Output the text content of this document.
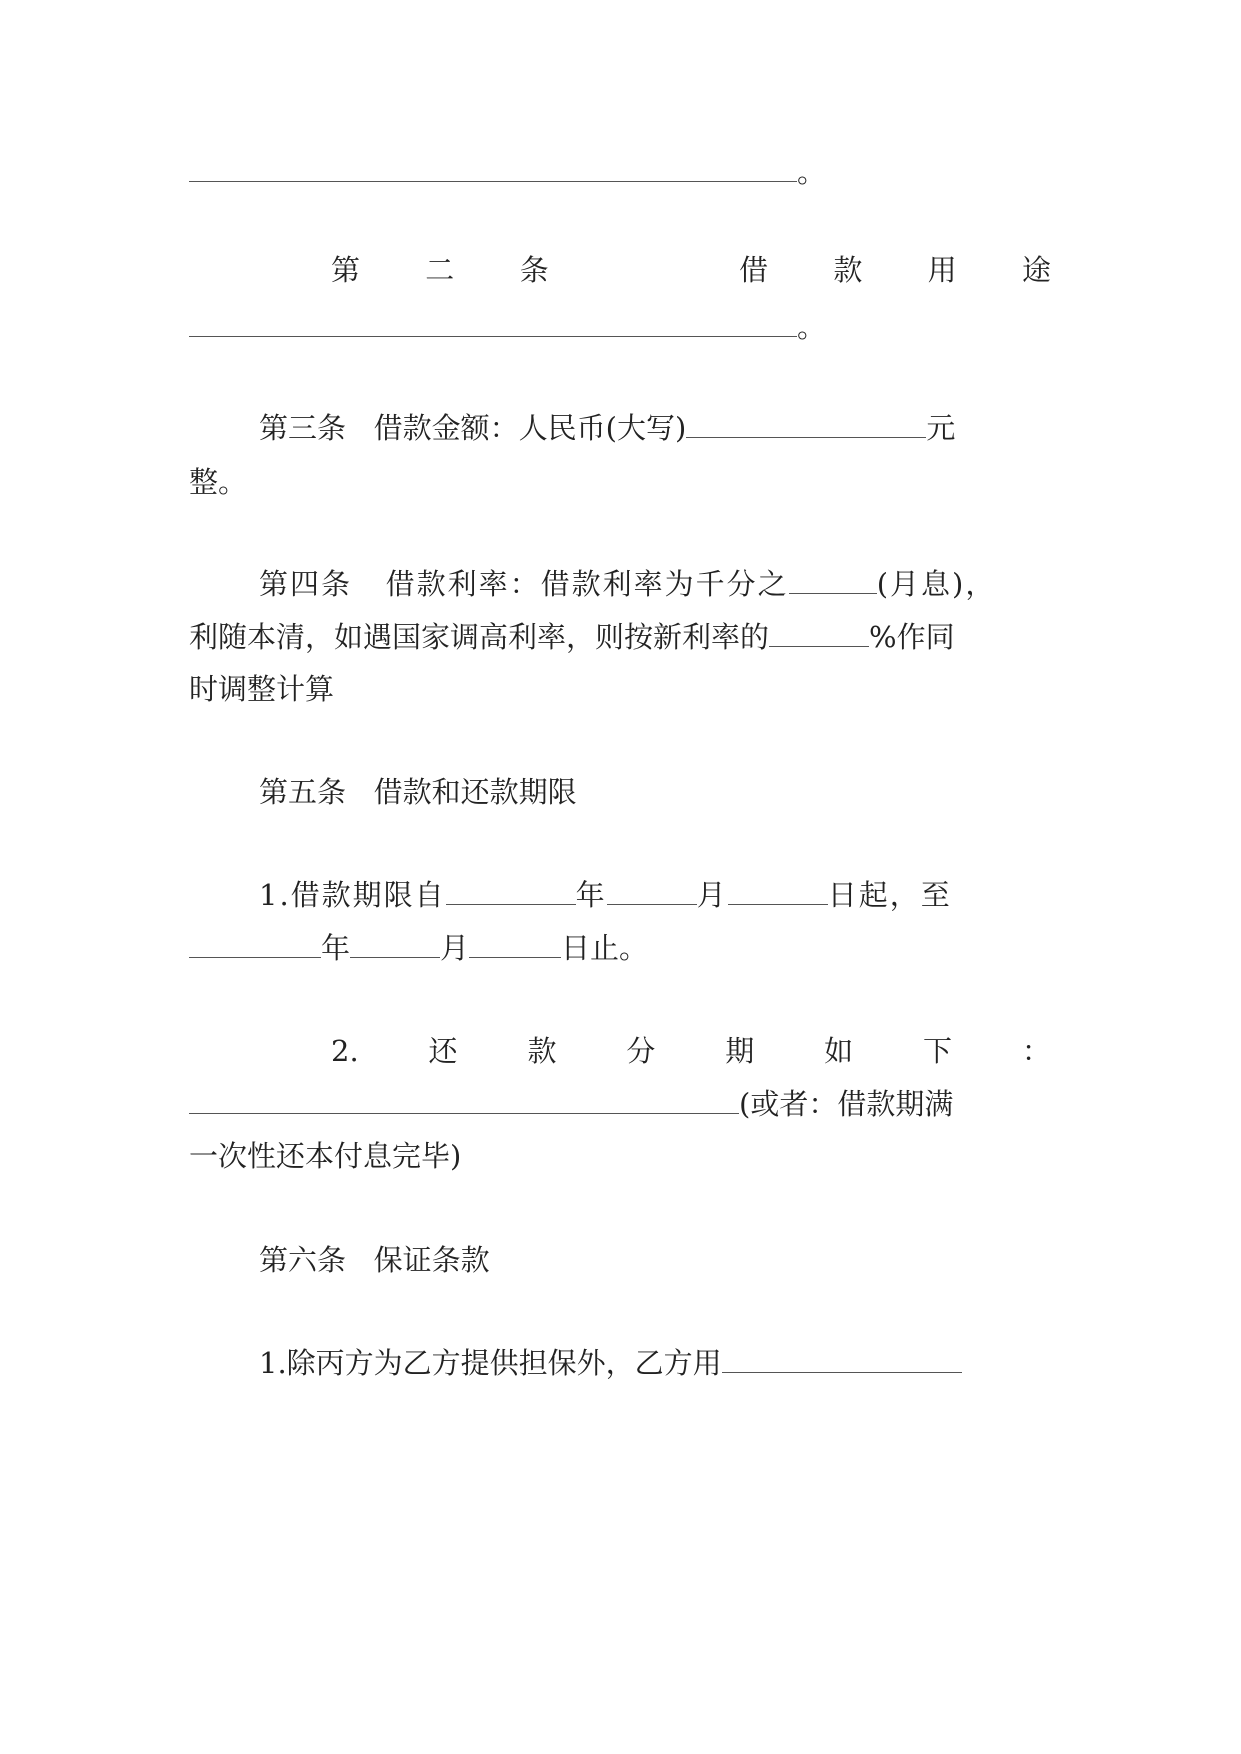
。
第 二 条	借 款 用 途
。
第三条 借款金额：人民币(大写)	元
整。
第四条 借款利率：借款利率为千分之	(月息)，
利随本清，如遇国家调高利率，则按新利率的	%作同
时调整计算
第五条 借款和还款期限
1.借款期限自	年	月	日起，至
年	月	日止。
2. 还 款 分 期 如 下 ：
(或者：借款期满
一次性还本付息完毕)
第六条 保证条款
1.除丙方为乙方提供担保外，乙方用
